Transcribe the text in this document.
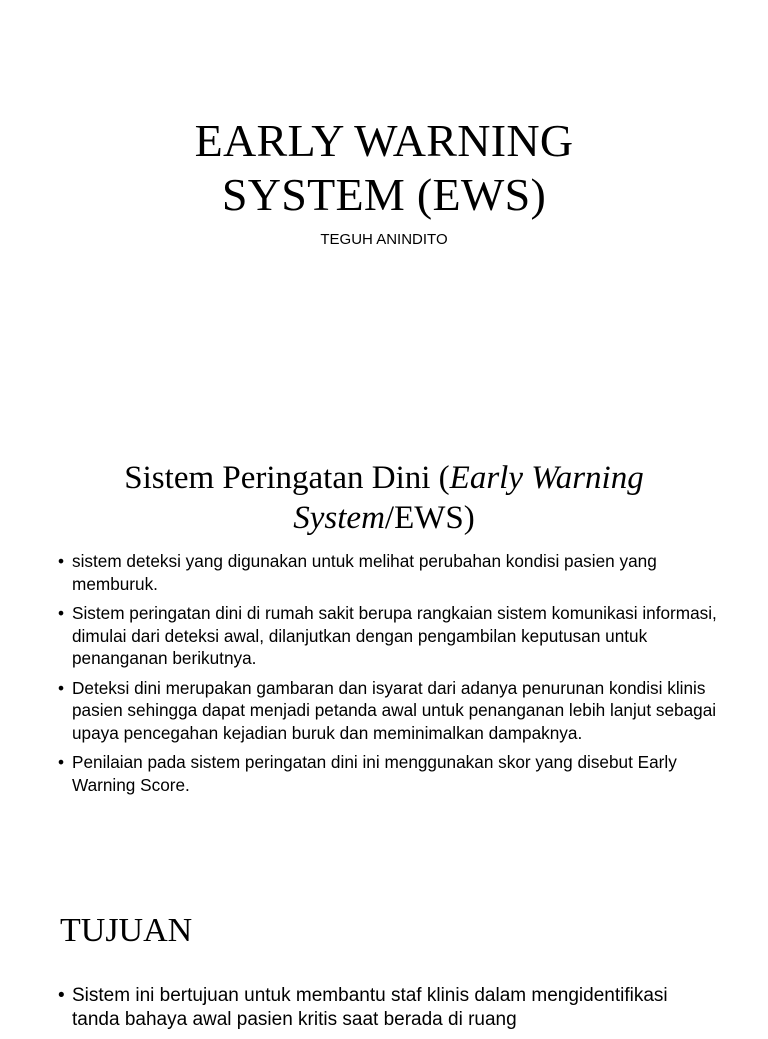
EARLY WARNING
SYSTEM (EWS)
TEGUH ANINDITO
Sistem Peringatan Dini (Early Warning
System/EWS)
• sistem deteksi yang digunakan untuk melihat perubahan kondisi pasien yang memburuk.
• Sistem peringatan dini di rumah sakit berupa rangkaian sistem komunikasi informasi, dimulai dari deteksi awal, dilanjutkan dengan pengambilan keputusan untuk penanganan berikutnya.
• Deteksi dini merupakan gambaran dan isyarat dari adanya penurunan kondisi klinis pasien sehingga dapat menjadi petanda awal untuk penanganan lebih lanjut sebagai upaya pencegahan kejadian buruk dan meminimalkan dampaknya.
• Penilaian pada sistem peringatan dini ini menggunakan skor yang disebut Early Warning Score.
TUJUAN
• Sistem ini bertujuan untuk membantu staf klinis dalam mengidentifikasi tanda bahaya awal pasien kritis saat berada di ruang
